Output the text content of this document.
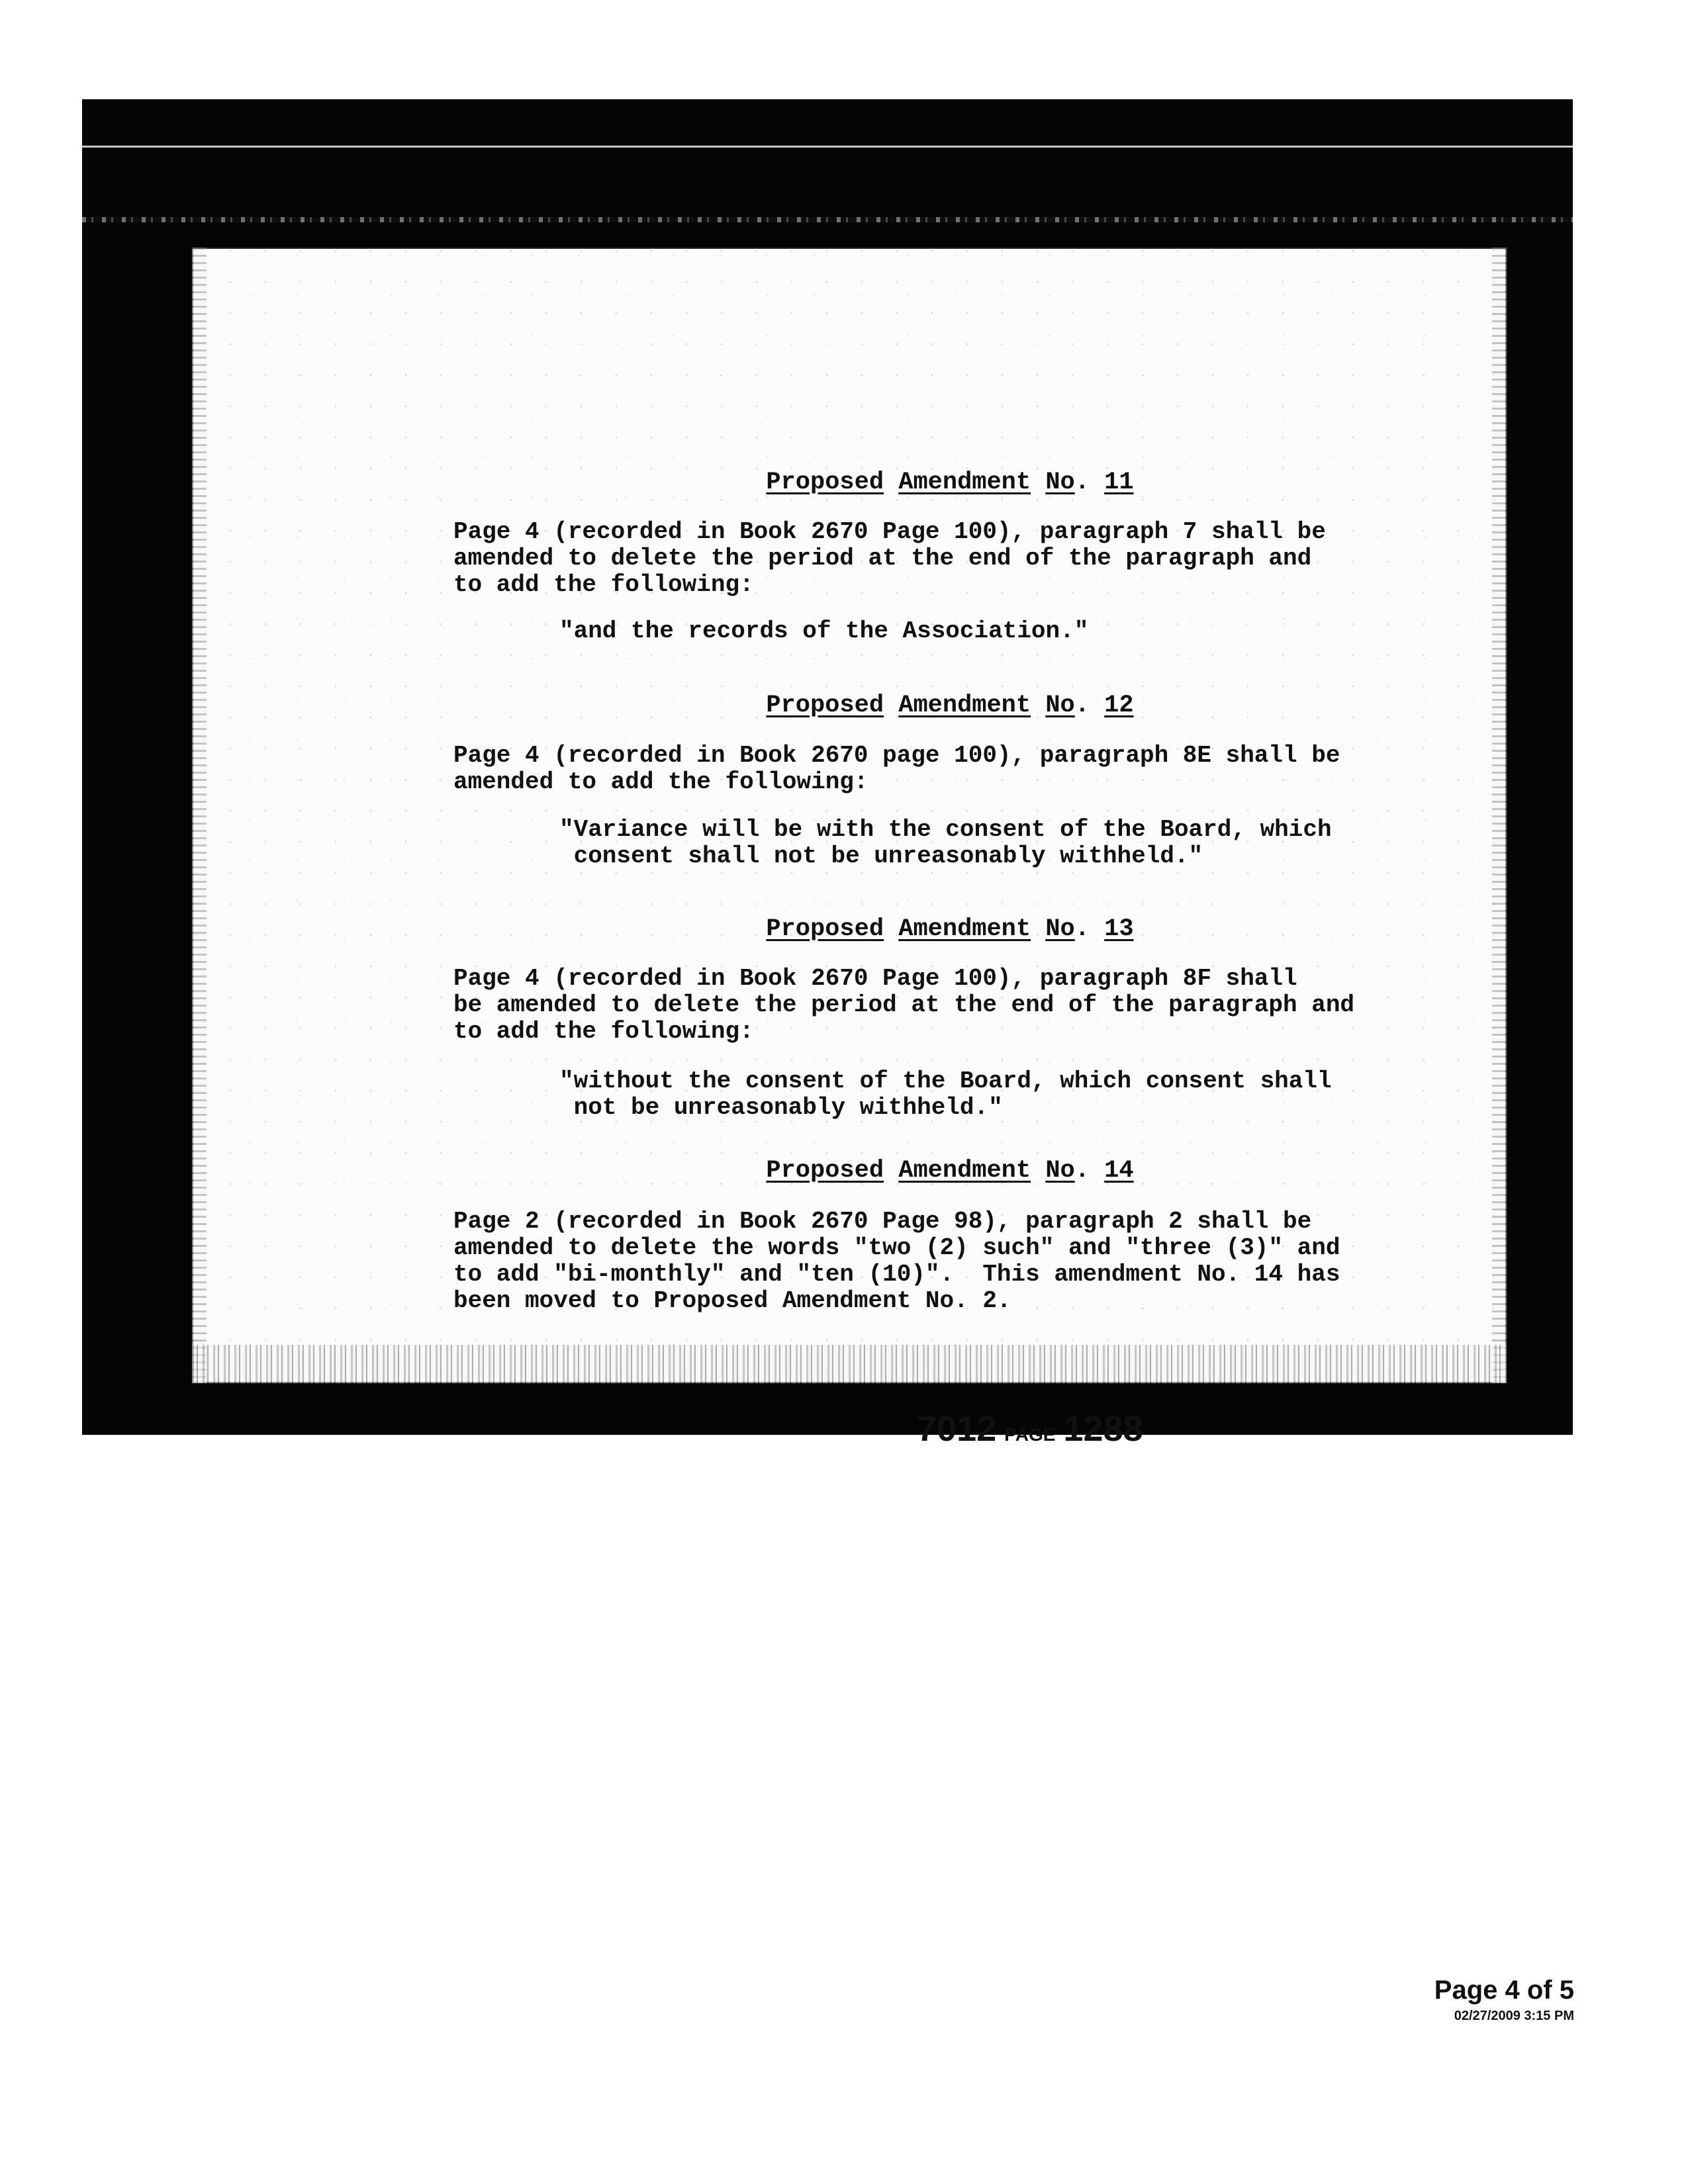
Proposed Amendment No. 11

Page 4 (recorded in Book 2670 Page 100), paragraph 7 shall be
amended to delete the period at the end of the paragraph and
to add the following:

"and the records of the Association."

Proposed Amendment No. 12

Page 4 (recorded in Book 2670 page 100), paragraph 8E shall be
amended to add the following:

"Variance will be with the consent of the Board, which
consent shall not be unreasonably withheld."

Proposed Amendment No. 13

Page 4 (recorded in Book 2670 Page 100), paragraph 8F shall
be amended to delete the period at the end of the paragraph and
to add the following:

"without the consent of the Board, which consent shall
not be unreasonably withheld."

Proposed Amendment No. 14

Page 2 (recorded in Book 2670 Page 98), paragraph 2 shall be
amended to delete the words "two (2) such" and "three (3)" and
to add "bi-monthly" and "ten (10)".  This amendment No. 14 has
been moved to Proposed Amendment No. 2.

7012 PAGE 1288
Page 4 of 5
02/27/2009 3:15 PM
